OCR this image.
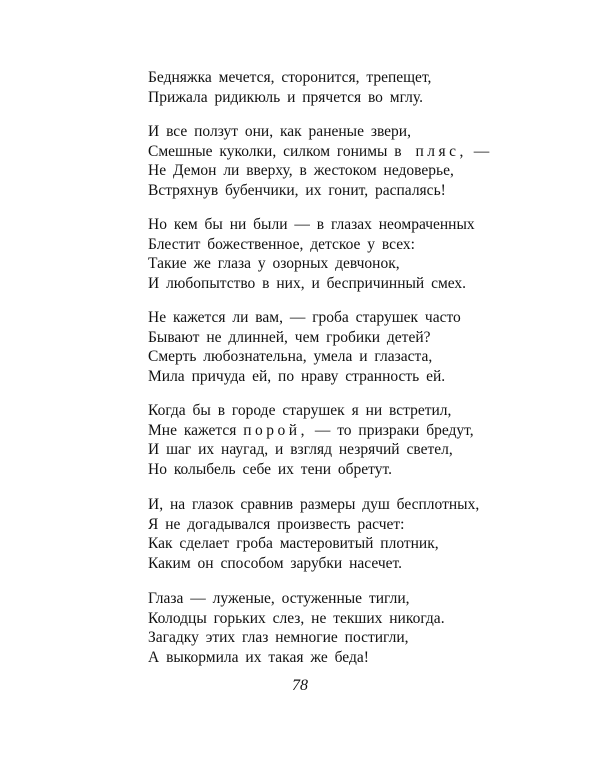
Бедняжка мечется, сторонится, трепещет,
Прижала ридикюль и прячется во мглу.
И все ползут они, как раненые звери,
Смешные куколки, силком гонимы в пляс, —
Не Демон ли вверху, в жестоком недоверье,
Встряхнув бубенчики, их гонит, распалясь!
Но кем бы ни были — в глазах неомраченных
Блестит божественное, детское у всех:
Такие же глаза у озорных девчонок,
И любопытство в них, и беспричинный смех.
Не кажется ли вам, — гроба старушек часто
Бывают не длинней, чем гробики детей?
Смерть любознательна, умела и глазаста,
Мила причуда ей, по нраву странность ей.
Когда бы в городе старушек я ни встретил,
Мне кажется порой, — то призраки бредут,
И шаг их наугад, и взгляд незрячий светел,
Но колыбель себе их тени обретут.
И, на глазок сравнив размеры душ бесплотных,
Я не догадывался произвесть расчет:
Как сделает гроба мастеровитый плотник,
Каким он способом зарубки насечет.
Глаза — луженые, остуженные тигли,
Колодцы горьких слез, не текших никогда.
Загадку этих глаз немногие постигли,
А выкормила их такая же беда!
78
